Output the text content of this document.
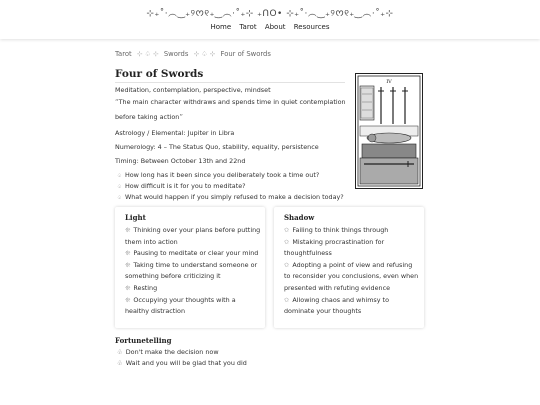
⊹₊˚‧︵‿₊୨ᰔ୧₊‿︵‧˚₊⊹ ₊ᑎO• ⊹₊˚‧︵‿₊୨ᰔ୧₊‿︵‧˚₊⊹
Home Tarot About Resources
Tarot ⊹ ♤ ⊹ Swords ⊹ ♤ ⊹ Four of Swords
Four of Swords
Meditation, contemplation, perspective, mindset
“The main character withdraws and spends time in quiet contemplation before taking action”
Astrology / Elemental: Jupiter in Libra
Numerology: 4 – The Status Quo, stability, equality, persistence
Timing: Between October 13th and 22nd
♤ How long has it been since you deliberately took a time out?
♤ How difficult is it for you to meditate?
♤ What would happen if you simply refused to make a decision today?
IV
Light
❊ Thinking over your plans before putting them into action
❊ Pausing to meditate or clear your mind
❊ Taking time to understand someone or something before criticizing it
❊ Resting
❊ Occupying your thoughts with a healthy distraction
Shadow
✩ Failing to think things through
✩ Mistaking procrastination for thoughtfulness
✩ Adopting a point of view and refusing to reconsider you conclusions, even when presented with refuting evidence
✩ Allowing chaos and whimsy to dominate your thoughts
Fortunetelling
♧ Don't make the decision now
♧ Wait and you will be glad that you did
